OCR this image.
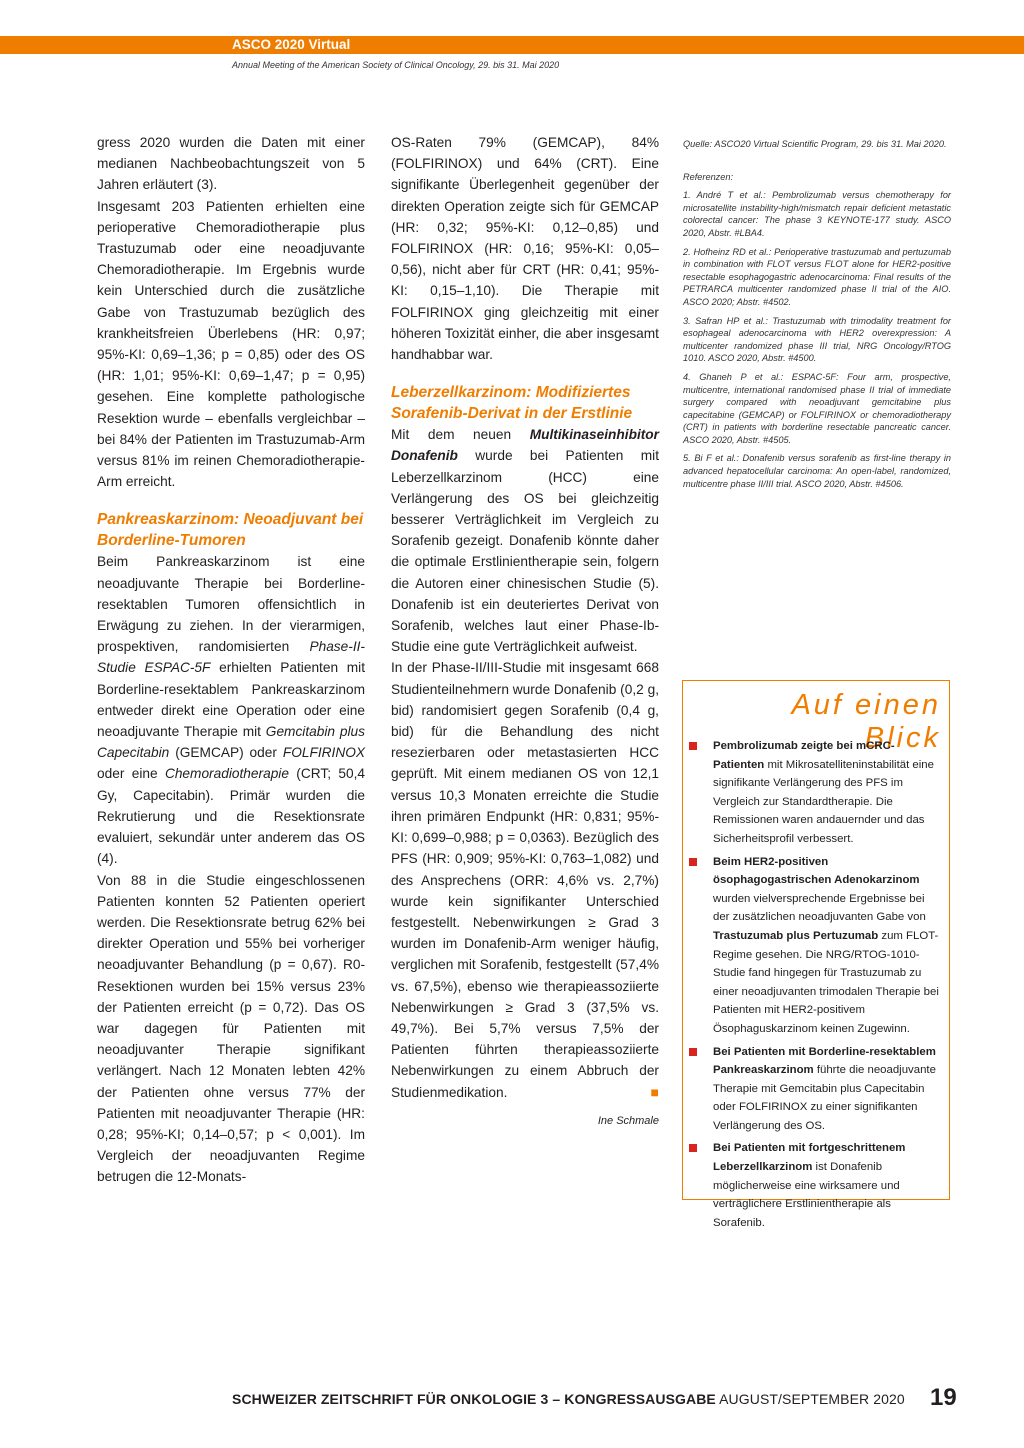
ASCO 2020 Virtual
Annual Meeting of the American Society of Clinical Oncology, 29. bis 31. Mai 2020

gress 2020 wurden die Daten mit einer medianen Nachbeobachtungszeit von 5 Jahren erläutert (3).

Insgesamt 203 Patienten erhielten eine perioperative Chemoradiotherapie plus Trastuzumab oder eine neoadjuvante Chemoradiotherapie. Im Ergebnis wurde kein Unterschied durch die zusätzliche Gabe von Trastuzumab bezüglich des krankheitsfreien Überlebens (HR: 0,97; 95%-KI: 0,69–1,36; p = 0,85) oder des OS (HR: 1,01; 95%-KI: 0,69–1,47; p = 0,95) gesehen. Eine komplette pathologische Resektion wurde – ebenfalls vergleichbar – bei 84% der Patienten im Trastuzumab-Arm versus 81% im reinen Chemoradiotherapie-Arm erreicht.

Pankreaskarzinom: Neoadjuvant bei Borderline-Tumoren

Beim Pankreaskarzinom ist eine neoadjuvante Therapie bei Borderline-resektablen Tumoren offensichtlich in Erwägung zu ziehen. In der vierarmigen, prospektiven, randomisierten Phase-II-Studie ESPAC-5F erhielten Patienten mit Borderline-resektablem Pankreaskarzinom entweder direkt eine Operation oder eine neoadjuvante Therapie mit Gemcitabin plus Capecitabin (GEMCAP) oder FOLFIRINOX oder eine Chemoradiotherapie (CRT; 50,4 Gy, Capecitabin). Primär wurden die Rekrutierung und die Resektionsrate evaluiert, sekundär unter anderem das OS (4).

Von 88 in die Studie eingeschlossenen Patienten konnten 52 Patienten operiert werden. Die Resektionsrate betrug 62% bei direkter Operation und 55% bei vorheriger neoadjuvanter Behandlung (p = 0,67). R0-Resektionen wurden bei 15% versus 23% der Patienten erreicht (p = 0,72). Das OS war dagegen für Patienten mit neoadjuvanter Therapie signifikant verlängert. Nach 12 Monaten lebten 42% der Patienten ohne versus 77% der Patienten mit neoadjuvanter Therapie (HR: 0,28; 95%-KI; 0,14–0,57; p < 0,001). Im Vergleich der neoadjuvanten Regime betrugen die 12-Monats-

OS-Raten 79% (GEMCAP), 84% (FOLFIRINOX) und 64% (CRT). Eine signifikante Überlegenheit gegenüber der direkten Operation zeigte sich für GEMCAP (HR: 0,32; 95%-KI: 0,12–0,85) und FOLFIRINOX (HR: 0,16; 95%-KI: 0,05–0,56), nicht aber für CRT (HR: 0,41; 95%-KI: 0,15–1,10). Die Therapie mit FOLFIRINOX ging gleichzeitig mit einer höheren Toxizität einher, die aber insgesamt handhabbar war.

Leberzellkarzinom: Modifiziertes Sorafenib-Derivat in der Erstlinie

Mit dem neuen Multikinaseinhibitor Donafenib wurde bei Patienten mit Leberzellkarzinom (HCC) eine Verlängerung des OS bei gleichzeitig besserer Verträglichkeit im Vergleich zu Sorafenib gezeigt. Donafenib könnte daher die optimale Erstlinientherapie sein, folgern die Autoren einer chinesischen Studie (5). Donafenib ist ein deuteriertes Derivat von Sorafenib, welches laut einer Phase-Ib-Studie eine gute Verträglichkeit aufweist.

In der Phase-II/III-Studie mit insgesamt 668 Studienteilnehmern wurde Donafenib (0,2 g, bid) randomisiert gegen Sorafenib (0,4 g, bid) für die Behandlung des nicht resezierbaren oder metastasierten HCC geprüft. Mit einem medianen OS von 12,1 versus 10,3 Monaten erreichte die Studie ihren primären Endpunkt (HR: 0,831; 95%-KI: 0,699–0,988; p = 0,0363). Bezüglich des PFS (HR: 0,909; 95%-KI: 0,763–1,082) und des Ansprechens (ORR: 4,6% vs. 2,7%) wurde kein signifikanter Unterschied festgestellt. Nebenwirkungen ≥ Grad 3 wurden im Donafenib-Arm weniger häufig, verglichen mit Sorafenib, festgestellt (57,4% vs. 67,5%), ebenso wie therapieassoziierte Nebenwirkungen ≥ Grad 3 (37,5% vs. 49,7%). Bei 5,7% versus 7,5% der Patienten führten therapieassoziierte Nebenwirkungen zu einem Abbruch der Studienmedikation.	■

Ine Schmale

Quelle: ASCO20 Virtual Scientific Program, 29. bis 31. Mai 2020.

Referenzen:

1. André T et al.: Pembrolizumab versus chemotherapy for microsatellite instability-high/mismatch repair deficient metastatic colorectal cancer: The phase 3 KEYNOTE-177 study. ASCO 2020, Abstr. #LBA4.

2. Hofheinz RD et al.: Perioperative trastuzumab and pertuzumab in combination with FLOT versus FLOT alone for HER2-positive resectable esophagogastric adenocarcinoma: Final results of the PETRARCA multicenter randomized phase II trial of the AIO. ASCO 2020; Abstr. #4502.

3. Safran HP et al.: Trastuzumab with trimodality treatment for esophageal adenocarcinoma with HER2 overexpression: A multicenter randomized phase III trial, NRG Oncology/RTOG 1010. ASCO 2020, Abstr. #4500.

4. Ghaneh P et al.: ESPAC-5F: Four arm, prospective, multicentre, international randomised phase II trial of immediate surgery compared with neoadjuvant gemcitabine plus capecitabine (GEMCAP) or FOLFIRINOX or chemoradiotherapy (CRT) in patients with borderline resectable pancreatic cancer. ASCO 2020, Abstr. #4505.

5. Bi F et al.: Donafenib versus sorafenib as first-line therapy in advanced hepatocellular carcinoma: An open-label, randomized, multicentre phase II/III trial. ASCO 2020, Abstr. #4506.

Auf einen Blick
Pembrolizumab zeigte bei mCRC-Patienten mit Mikrosatelliteninstabilität eine signifikante Verlängerung des PFS im Vergleich zur Standardtherapie. Die Remissionen waren andauernder und das Sicherheitsprofil verbessert.
Beim HER2-positiven ösophagogastrischen Adenokarzinom wurden vielversprechende Ergebnisse bei der zusätzlichen neoadjuvanten Gabe von Trastuzumab plus Pertuzumab zum FLOT-Regime gesehen. Die NRG/RTOG-1010-Studie fand hingegen für Trastuzumab zu einer neoadjuvanten trimodalen Therapie bei Patienten mit HER2-positivem Ösophaguskarzinom keinen Zugewinn.
Bei Patienten mit Borderline-resektablem Pankreaskarzinom führte die neoadjuvante Therapie mit Gemcitabin plus Capecitabin oder FOLFIRINOX zu einer signifikanten Verlängerung des OS.
Bei Patienten mit fortgeschrittenem Leberzellkarzinom ist Donafenib möglicherweise eine wirksamere und verträglichere Erstlinientherapie als Sorafenib.
SCHWEIZER ZEITSCHRIFT FÜR ONKOLOGIE 3 – KONGRESSAUSGABE AUGUST/SEPTEMBER 2020 19
